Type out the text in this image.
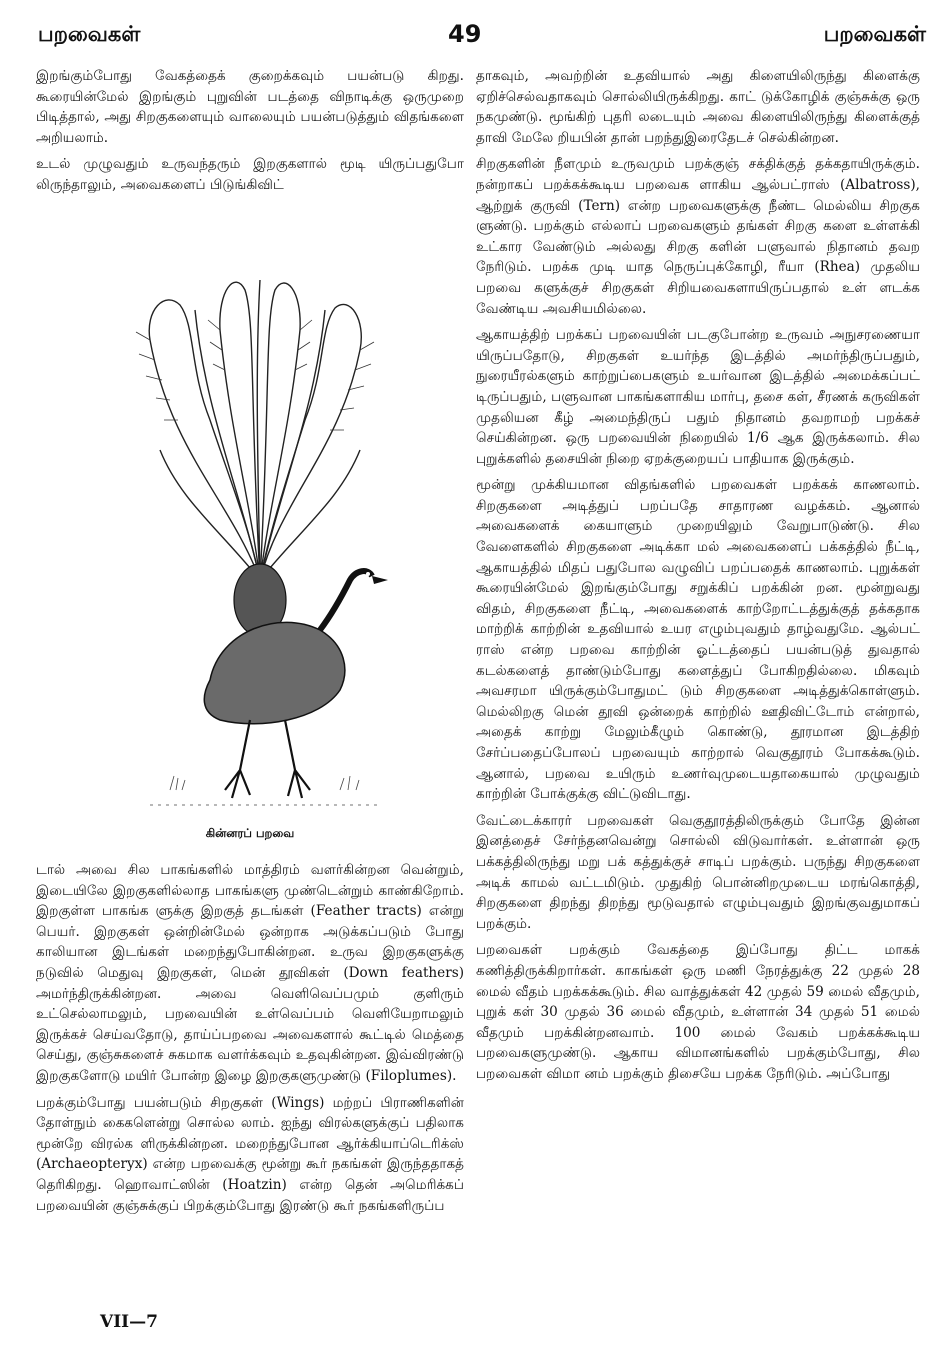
பறவைகள்	49	பறவைகள்

இறங்கும்போது வேகத்தைக் குறைக்கவும் பயன்படு கிறது. கூரையின்மேல் இறங்கும் புறுவின் படத்தை விநாடிக்கு ஒருமுறை பிடித்தால், அது சிறகுகளையும் வாலையும் பயன்படுத்தும் விதங்களை அறியலாம்.

உடல் முழுவதும் உருவந்தரும் இறகுகளால் மூடி யிருப்பதுபோ லிருந்தாலும், அவைகளைப் பிடுங்கிவிட்

கின்னரப் பறவை

டால் அவை சில பாகங்களில் மாத்திரம் வளர்கின்றன வென்றும், இடையிலே இறகுகளில்லாத பாகங்களு முண்டென்றும் காண்கிறோம். இறகுள்ள பாகங்க ளுக்கு இறகுத் தடங்கள் (Feather tracts) என்று பெயர். இறகுகள் ஒன்றின்மேல் ஒன்றாக அடுக்கப்படும் போது காலியான இடங்கள் மறைந்துபோகின்றன. உருவ இறகுகளுக்கு நடுவில் மெதுவு இறகுகள், மென் தூவிகள் (Down feathers) அமர்ந்திருக்கின்றன. அவை வெளிவெப்பமும் குளிரும் உட்செல்லாமலும், பறவையின் உள்வெப்பம் வெளியேறாமலும் இருக்கச் செய்வதோடு, தாய்ப்பறவை அவைகளால் கூட்டில் மெத்தை செய்து, குஞ்சுகளைச் சுகமாக வளர்க்கவும் உதவுகின்றன. இவ்விரண்டு இறகுகளோடு மயிர் போன்ற இழை இறகுகளுமுண்டு (Filoplumes).

பறக்கும்போது பயன்படும் சிறகுகள் (Wings) மற்றப் பிராணிகளின் தோள்நும் கைகளென்று சொல்ல லாம். ஐந்து விரல்களுக்குப் பதிலாக மூன்றே விரல்க ளிருக்கின்றன. மறைந்துபோன ஆர்க்கியாப்டெரிக்ஸ் (Archaeopteryx) என்ற பறவைக்கு மூன்று கூர் நகங்கள் இருந்ததாகத் தெரிகிறது. ஹொவாட்ஸின் (Hoatzin) என்ற தென் அமெரிக்கப் பறவையின் குஞ்சுக்குப் பிறக்கும்போது இரண்டு கூர் நகங்களிருப்ப

தாகவும், அவற்றின் உதவியால் அது கிளையிலிருந்து கிளைக்கு ஏறிச்செல்வதாகவும் சொல்லியிருக்கிறது. காட் டுக்கோழிக் குஞ்சுக்கு ஒரு நகமுண்டு. மூங்கிற் புதரி லடையும் அவை கிளையிலிருந்து கிளைக்குத் தாவி மேலே றியபின் தான் பறந்துஇரைதேடச் செல்கின்றன.

சிறகுகளின் நீளமும் உருவமும் பறக்குஞ் சக்திக்குத் தக்கதாயிருக்கும். நன்றாகப் பறக்கக்கூடிய பறவைக ளாகிய ஆல்பட்ராஸ் (Albatross), ஆற்றுக் குருவி (Tern) என்ற பறவைகளுக்கு நீண்ட மெல்லிய சிறகுக ளுண்டு. பறக்கும் எல்லாப் பறவைகளும் தங்கள் சிறகு களை உள்ளக்கி உட்கார வேண்டும் அல்லது சிறகு களின் பளுவால் நிதானம் தவற நேரிடும். பறக்க முடி யாத நெருப்புக்கோழி, ரீயா (Rhea) முதலிய பறவை களுக்குச் சிறகுகள் சிறியவைகளாயிருப்பதால் உள் ளடக்க வேண்டிய அவசியமில்லை.

ஆகாயத்திற் பறக்கப் பறவையின் படகுபோன்ற உருவம் அநுசரணையா யிருப்பதோடு, சிறகுகள் உயர்ந்த இடத்தில் அமர்ந்திருப்பதும், நுரையீரல்களும் காற்றுப்பைகளும் உயர்வான இடத்தில் அமைக்கப்பட் டிருப்பதும், பளுவான பாகங்களாகிய மார்பு, தசை கள், சீரணக் கருவிகள் முதலியன கீழ் அமைந்திருப் பதும் நிதானம் தவறாமற் பறக்கச் செய்கின்றன. ஒரு பறவையின் நிறையில் 1/6 ஆக இருக்கலாம். சில புறுக்களில் தசையின் நிறை ஏறக்குறையப் பாதியாக இருக்கும்.

மூன்று முக்கியமான விதங்களில் பறவைகள் பறக்கக் காணலாம். சிறகுகளை அடித்துப் பறப்பதே சாதாரண வழக்கம். ஆனால் அவைகளைக் கையாளும் முறையிலும் வேறுபாடுண்டு. சில வேளைகளில் சிறகுகளை அடிக்கா மல் அவைகளைப் பக்கத்தில் நீட்டி, ஆகாயத்தில் மிதப் பதுபோல வழுவிப் பறப்பதைக் காணலாம். புறுக்கள் கூரையின்மேல் இறங்கும்போது சறுக்கிப் பறக்கின் றன. மூன்றுவது விதம், சிறகுகளை நீட்டி, அவைகளைக் காற்றோட்டத்துக்குத் தக்கதாக மாற்றிக் காற்றின் உதவியால் உயர எழும்புவதும் தாழ்வதுமே. ஆல்பட் ராஸ் என்ற பறவை காற்றின் ஓட்டத்தைப் பயன்படுத் துவதால் கடல்களைத் தாண்டும்போது களைத்துப் போகிறதில்லை. மிகவும் அவசரமா யிருக்கும்போதுமட் டும் சிறகுகளை அடித்துக்கொள்ளும். மெல்லிறகு மென் தூவி ஒன்றைக் காற்றில் ஊதிவிட்டோம் என்றால், அதைக் காற்று மேலும்கீழும் கொண்டு, தூரமான இடத்திற் சேர்ப்பதைப்போலப் பறவையும் காற்றால் வெகுதூரம் போகக்கூடும். ஆனால், பறவை உயிரும் உணர்வுமுடையதாகையால் முழுவதும் காற்றின் போக்குக்கு விட்டுவிடாது.

வேட்டைக்காரர் பறவைகள் வெகுதூரத்திலிருக்கும் போதே இன்ன இனத்தைச் சேர்ந்தனவென்று சொல்லி விடுவார்கள். உள்ளான் ஒரு பக்கத்திலிருந்து மறு பக் கத்துக்குச் சாடிப் பறக்கும். பருந்து சிறகுகளை அடிக் காமல் வட்டமிடும். முதுகிற் பொன்னிறமுடைய மரங்கொத்தி, சிறகுகளை திறந்து திறந்து மூடுவதால் எழும்புவதும் இறங்குவதுமாகப் பறக்கும்.

பறவைகள் பறக்கும் வேகத்தை இப்போது திட்ட மாகக் கணித்திருக்கிறார்கள். காகங்கள் ஒரு மணி நேரத்துக்கு 22 முதல் 28 மைல் வீதம் பறக்கக்கூடும். சில வாத்துக்கள் 42 முதல் 59 மைல் வீதமும், புறுக் கள் 30 முதல் 36 மைல் வீதமும், உள்ளான் 34 முதல் 51 மைல் வீதமும் பறக்கின்றனவாம். 100 மைல் வேகம் பறக்கக்கூடிய பறவைகளுமுண்டு. ஆகாய விமானங்களில் பறக்கும்போது, சில பறவைகள் விமா னம் பறக்கும் திசையே பறக்க நேரிடும். அப்போது

VII—7
